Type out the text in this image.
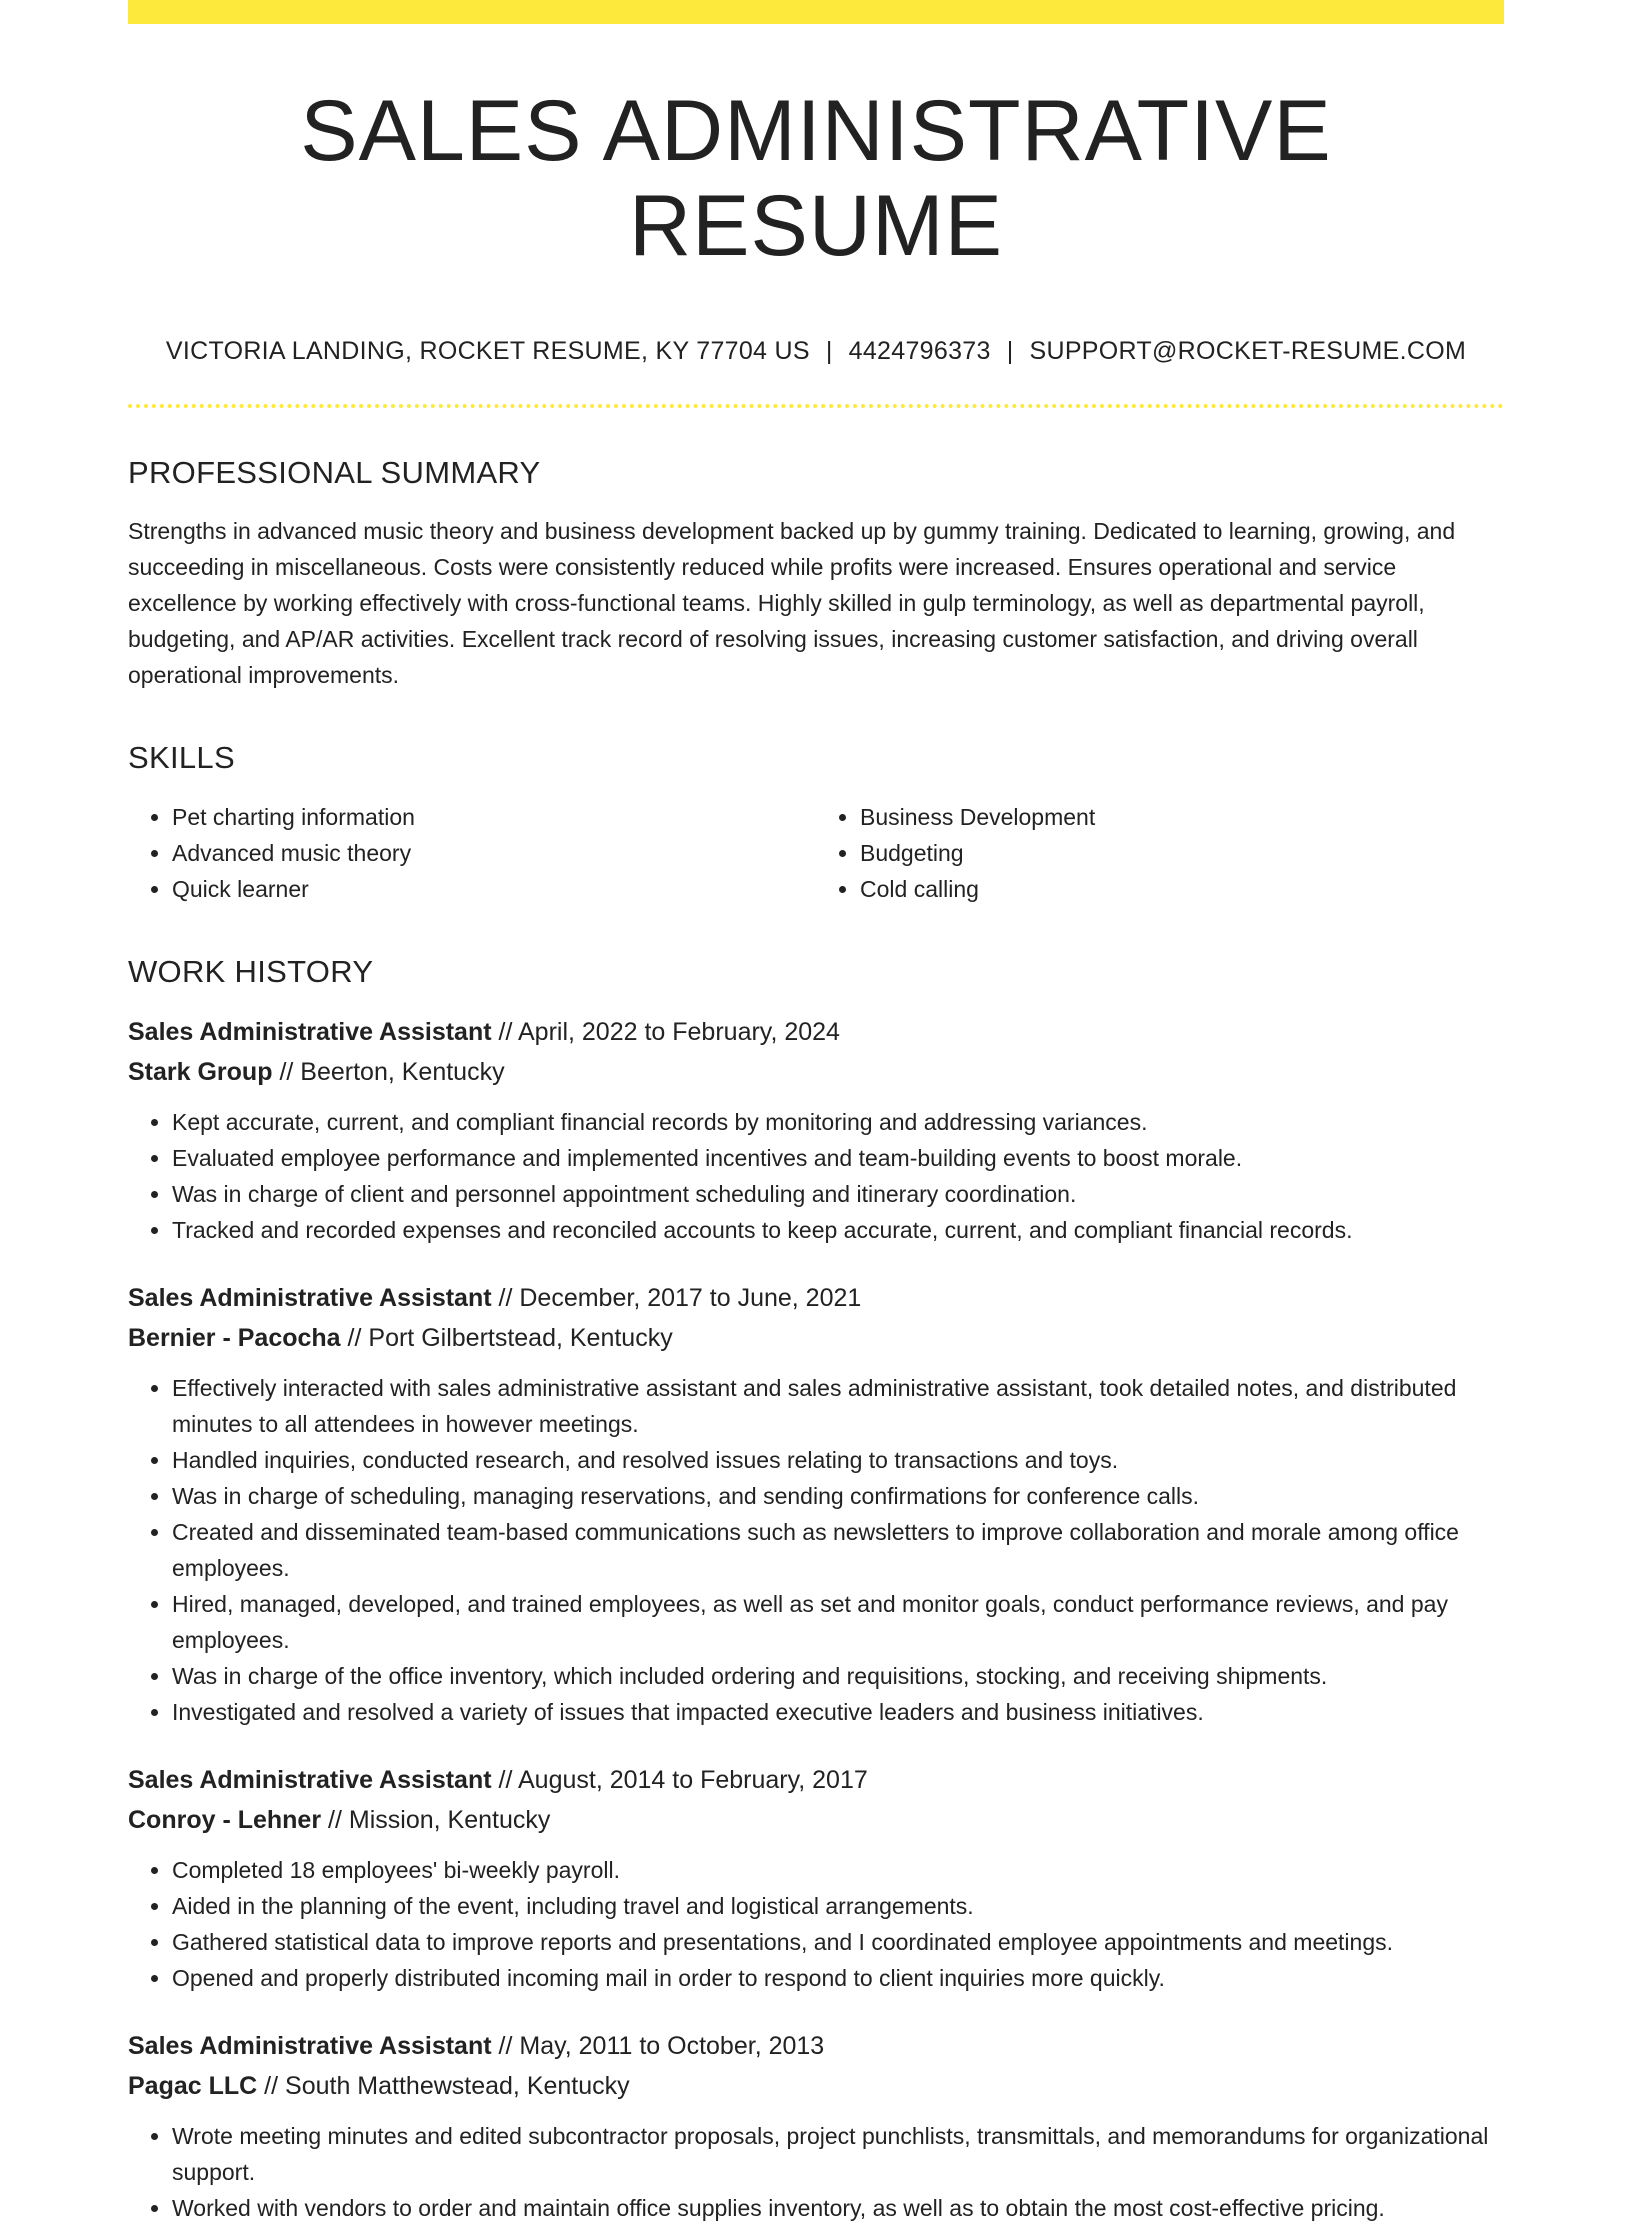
SALES ADMINISTRATIVE RESUME
VICTORIA LANDING, ROCKET RESUME, KY 77704 US | 4424796373 | SUPPORT@ROCKET-RESUME.COM
PROFESSIONAL SUMMARY

Strengths in advanced music theory and business development backed up by gummy training. Dedicated to learning, growing, and succeeding in miscellaneous. Costs were consistently reduced while profits were increased. Ensures operational and service excellence by working effectively with cross-functional teams. Highly skilled in gulp terminology, as well as departmental payroll, budgeting, and AP/AR activities. Excellent track record of resolving issues, increasing customer satisfaction, and driving overall operational improvements.

SKILLS
• Pet charting information
• Advanced music theory
• Quick learner
• Business Development
• Budgeting
• Cold calling
WORK HISTORY
Sales Administrative Assistant // April, 2022 to February, 2024
Stark Group // Beerton, Kentucky
• Kept accurate, current, and compliant financial records by monitoring and addressing variances.
• Evaluated employee performance and implemented incentives and team-building events to boost morale.
• Was in charge of client and personnel appointment scheduling and itinerary coordination.
• Tracked and recorded expenses and reconciled accounts to keep accurate, current, and compliant financial records.
Sales Administrative Assistant // December, 2017 to June, 2021
Bernier - Pacocha // Port Gilbertstead, Kentucky
• Effectively interacted with sales administrative assistant and sales administrative assistant, took detailed notes, and distributed minutes to all attendees in however meetings.
• Handled inquiries, conducted research, and resolved issues relating to transactions and toys.
• Was in charge of scheduling, managing reservations, and sending confirmations for conference calls.
• Created and disseminated team-based communications such as newsletters to improve collaboration and morale among office employees.
• Hired, managed, developed, and trained employees, as well as set and monitor goals, conduct performance reviews, and pay employees.
• Was in charge of the office inventory, which included ordering and requisitions, stocking, and receiving shipments.
• Investigated and resolved a variety of issues that impacted executive leaders and business initiatives.
Sales Administrative Assistant // August, 2014 to February, 2017
Conroy - Lehner // Mission, Kentucky
• Completed 18 employees' bi-weekly payroll.
• Aided in the planning of the event, including travel and logistical arrangements.
• Gathered statistical data to improve reports and presentations, and I coordinated employee appointments and meetings.
• Opened and properly distributed incoming mail in order to respond to client inquiries more quickly.
Sales Administrative Assistant // May, 2011 to October, 2013
Pagac LLC // South Matthewstead, Kentucky
• Wrote meeting minutes and edited subcontractor proposals, project punchlists, transmittals, and memorandums for organizational support.
• Worked with vendors to order and maintain office supplies inventory, as well as to obtain the most cost-effective pricing.
